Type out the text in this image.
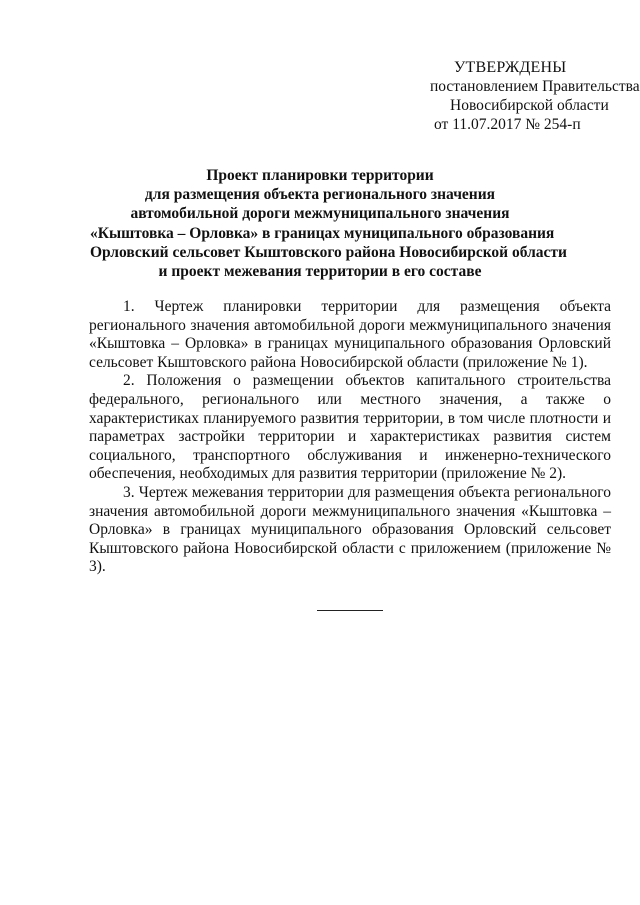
УТВЕРЖДЕНЫ
постановлением Правительства
Новосибирской области
от 11.07.2017 № 254-п
Проект планировки территории
для размещения объекта регионального значения
автомобильной дороги межмуниципального значения
«Кыштовка – Орловка» в границах муниципального образования
Орловский сельсовет Кыштовского района Новосибирской области
и проект межевания территории в его составе

1. Чертеж планировки территории для размещения объекта регионального значения автомобильной дороги межмуниципального значения «Кыштовка – Орловка» в границах муниципального образования Орловский сельсовет Кыштовского района Новосибирской области (приложение № 1).

2. Положения о размещении объектов капитального строительства федерального, регионального или местного значения, а также о характеристиках планируемого развития территории, в том числе плотности и параметрах застройки территории и характеристиках развития систем социального, транспортного обслуживания и инженерно-технического обеспечения, необходимых для развития территории (приложение № 2).

3. Чертеж межевания территории для размещения объекта регионального значения автомобильной дороги межмуниципального значения «Кыштовка – Орловка» в границах муниципального образования Орловский сельсовет Кыштовского района Новосибирской области с приложением (приложение № 3).
